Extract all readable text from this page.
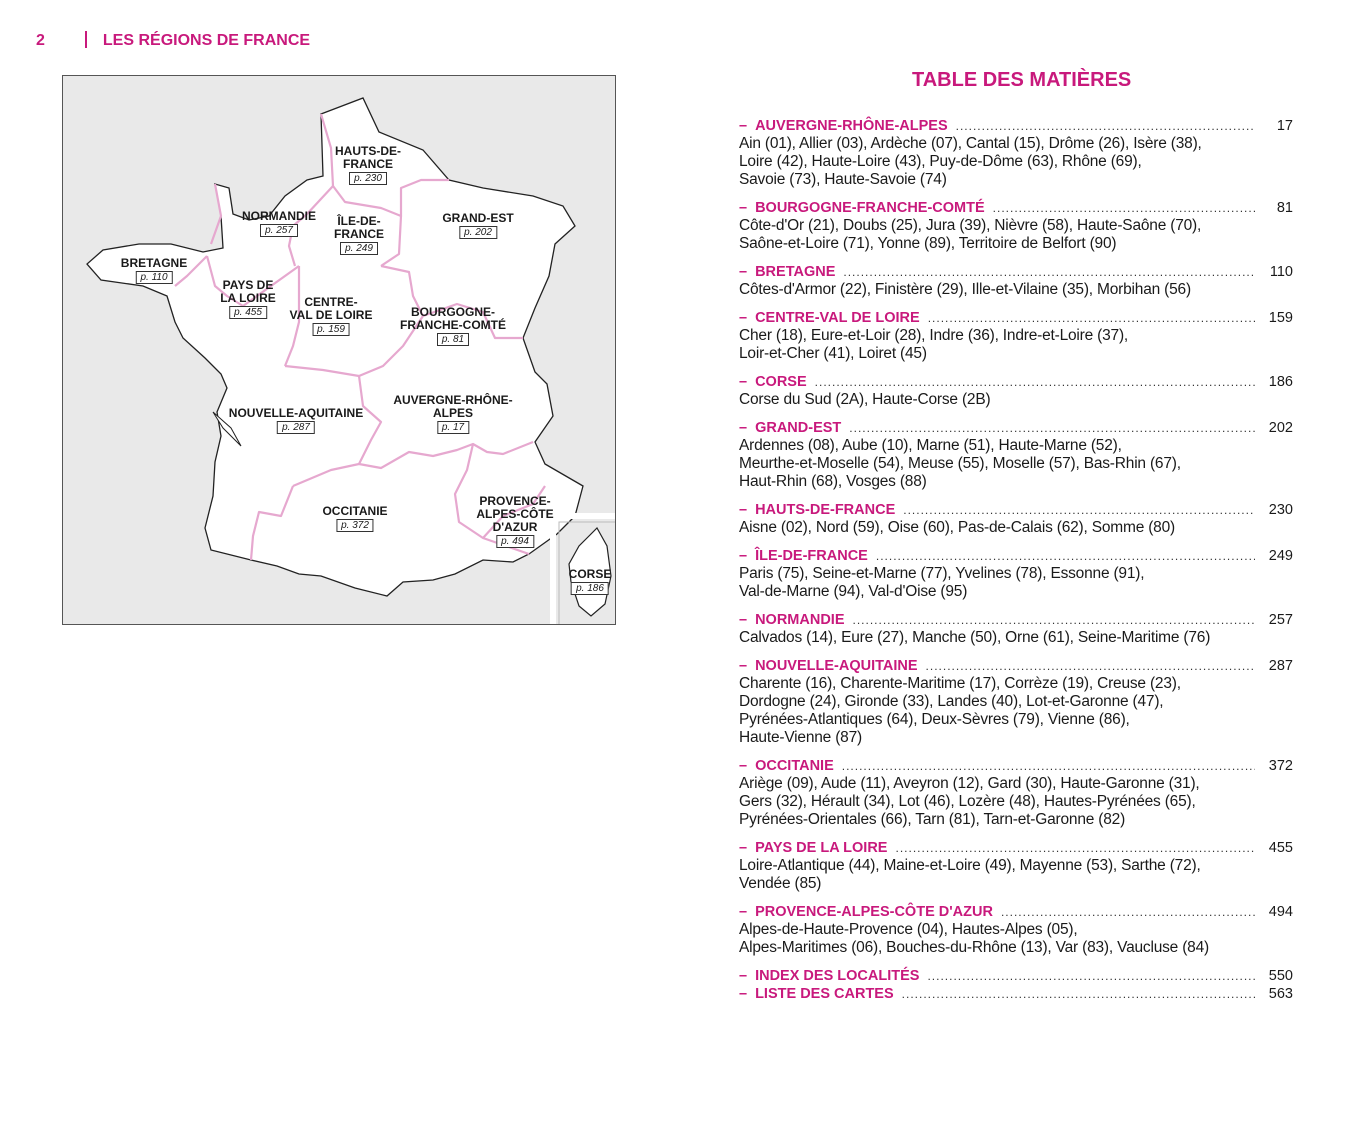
2	LES RÉGIONS DE FRANCE
HAUTS-DE-
FRANCE
p. 230
NORMANDIE
p. 257
ÎLE-DE-
FRANCE
p. 249
GRAND-EST
p. 202
BRETAGNE
p. 110
PAYS DE
LA LOIRE
p. 455
CENTRE-
VAL DE LOIRE
p. 159
BOURGOGNE-
FRANCHE-COMTÉ
p. 81
NOUVELLE-AQUITAINE
p. 287
AUVERGNE-RHÔNE-
ALPES
p. 17
OCCITANIE
p. 372
PROVENCE-
ALPES-CÔTE
D'AZUR
p. 494
CORSE
p. 186
TABLE DES MATIÈRES
– AUVERGNE-RHÔNE-ALPES .....	17
Ain (01), Allier (03), Ardèche (07), Cantal (15), Drôme (26), Isère (38),
Loire (42), Haute-Loire (43), Puy-de-Dôme (63), Rhône (69),
Savoie (73), Haute-Savoie (74)
– BOURGOGNE-FRANCHE-COMTÉ .....	81
Côte-d'Or (21), Doubs (25), Jura (39), Nièvre (58), Haute-Saône (70),
Saône-et-Loire (71), Yonne (89), Territoire de Belfort (90)
– BRETAGNE .....	110
Côtes-d'Armor (22), Finistère (29), Ille-et-Vilaine (35), Morbihan (56)
– CENTRE-VAL DE LOIRE .....	159
Cher (18), Eure-et-Loir (28), Indre (36), Indre-et-Loire (37),
Loir-et-Cher (41), Loiret (45)
– CORSE .....	186
Corse du Sud (2A), Haute-Corse (2B)
– GRAND-EST .....	202
Ardennes (08), Aube (10), Marne (51), Haute-Marne (52),
Meurthe-et-Moselle (54), Meuse (55), Moselle (57), Bas-Rhin (67),
Haut-Rhin (68), Vosges (88)
– HAUTS-DE-FRANCE .....	230
Aisne (02), Nord (59), Oise (60), Pas-de-Calais (62), Somme (80)
– ÎLE-DE-FRANCE .....	249
Paris (75), Seine-et-Marne (77), Yvelines (78), Essonne (91),
Val-de-Marne (94), Val-d'Oise (95)
– NORMANDIE .....	257
Calvados (14), Eure (27), Manche (50), Orne (61), Seine-Maritime (76)
– NOUVELLE-AQUITAINE .....	287
Charente (16), Charente-Maritime (17), Corrèze (19), Creuse (23),
Dordogne (24), Gironde (33), Landes (40), Lot-et-Garonne (47),
Pyrénées-Atlantiques (64), Deux-Sèvres (79), Vienne (86),
Haute-Vienne (87)
– OCCITANIE .....	372
Ariège (09), Aude (11), Aveyron (12), Gard (30), Haute-Garonne (31),
Gers (32), Hérault (34), Lot (46), Lozère (48), Hautes-Pyrénées (65),
Pyrénées-Orientales (66), Tarn (81), Tarn-et-Garonne (82)
– PAYS DE LA LOIRE .....	455
Loire-Atlantique (44), Maine-et-Loire (49), Mayenne (53), Sarthe (72),
Vendée (85)
– PROVENCE-ALPES-CÔTE D'AZUR .....	494
Alpes-de-Haute-Provence (04), Hautes-Alpes (05),
Alpes-Maritimes (06), Bouches-du-Rhône (13), Var (83), Vaucluse (84)
– INDEX DES LOCALITÉS .....	550
– LISTE DES CARTES .....	563
